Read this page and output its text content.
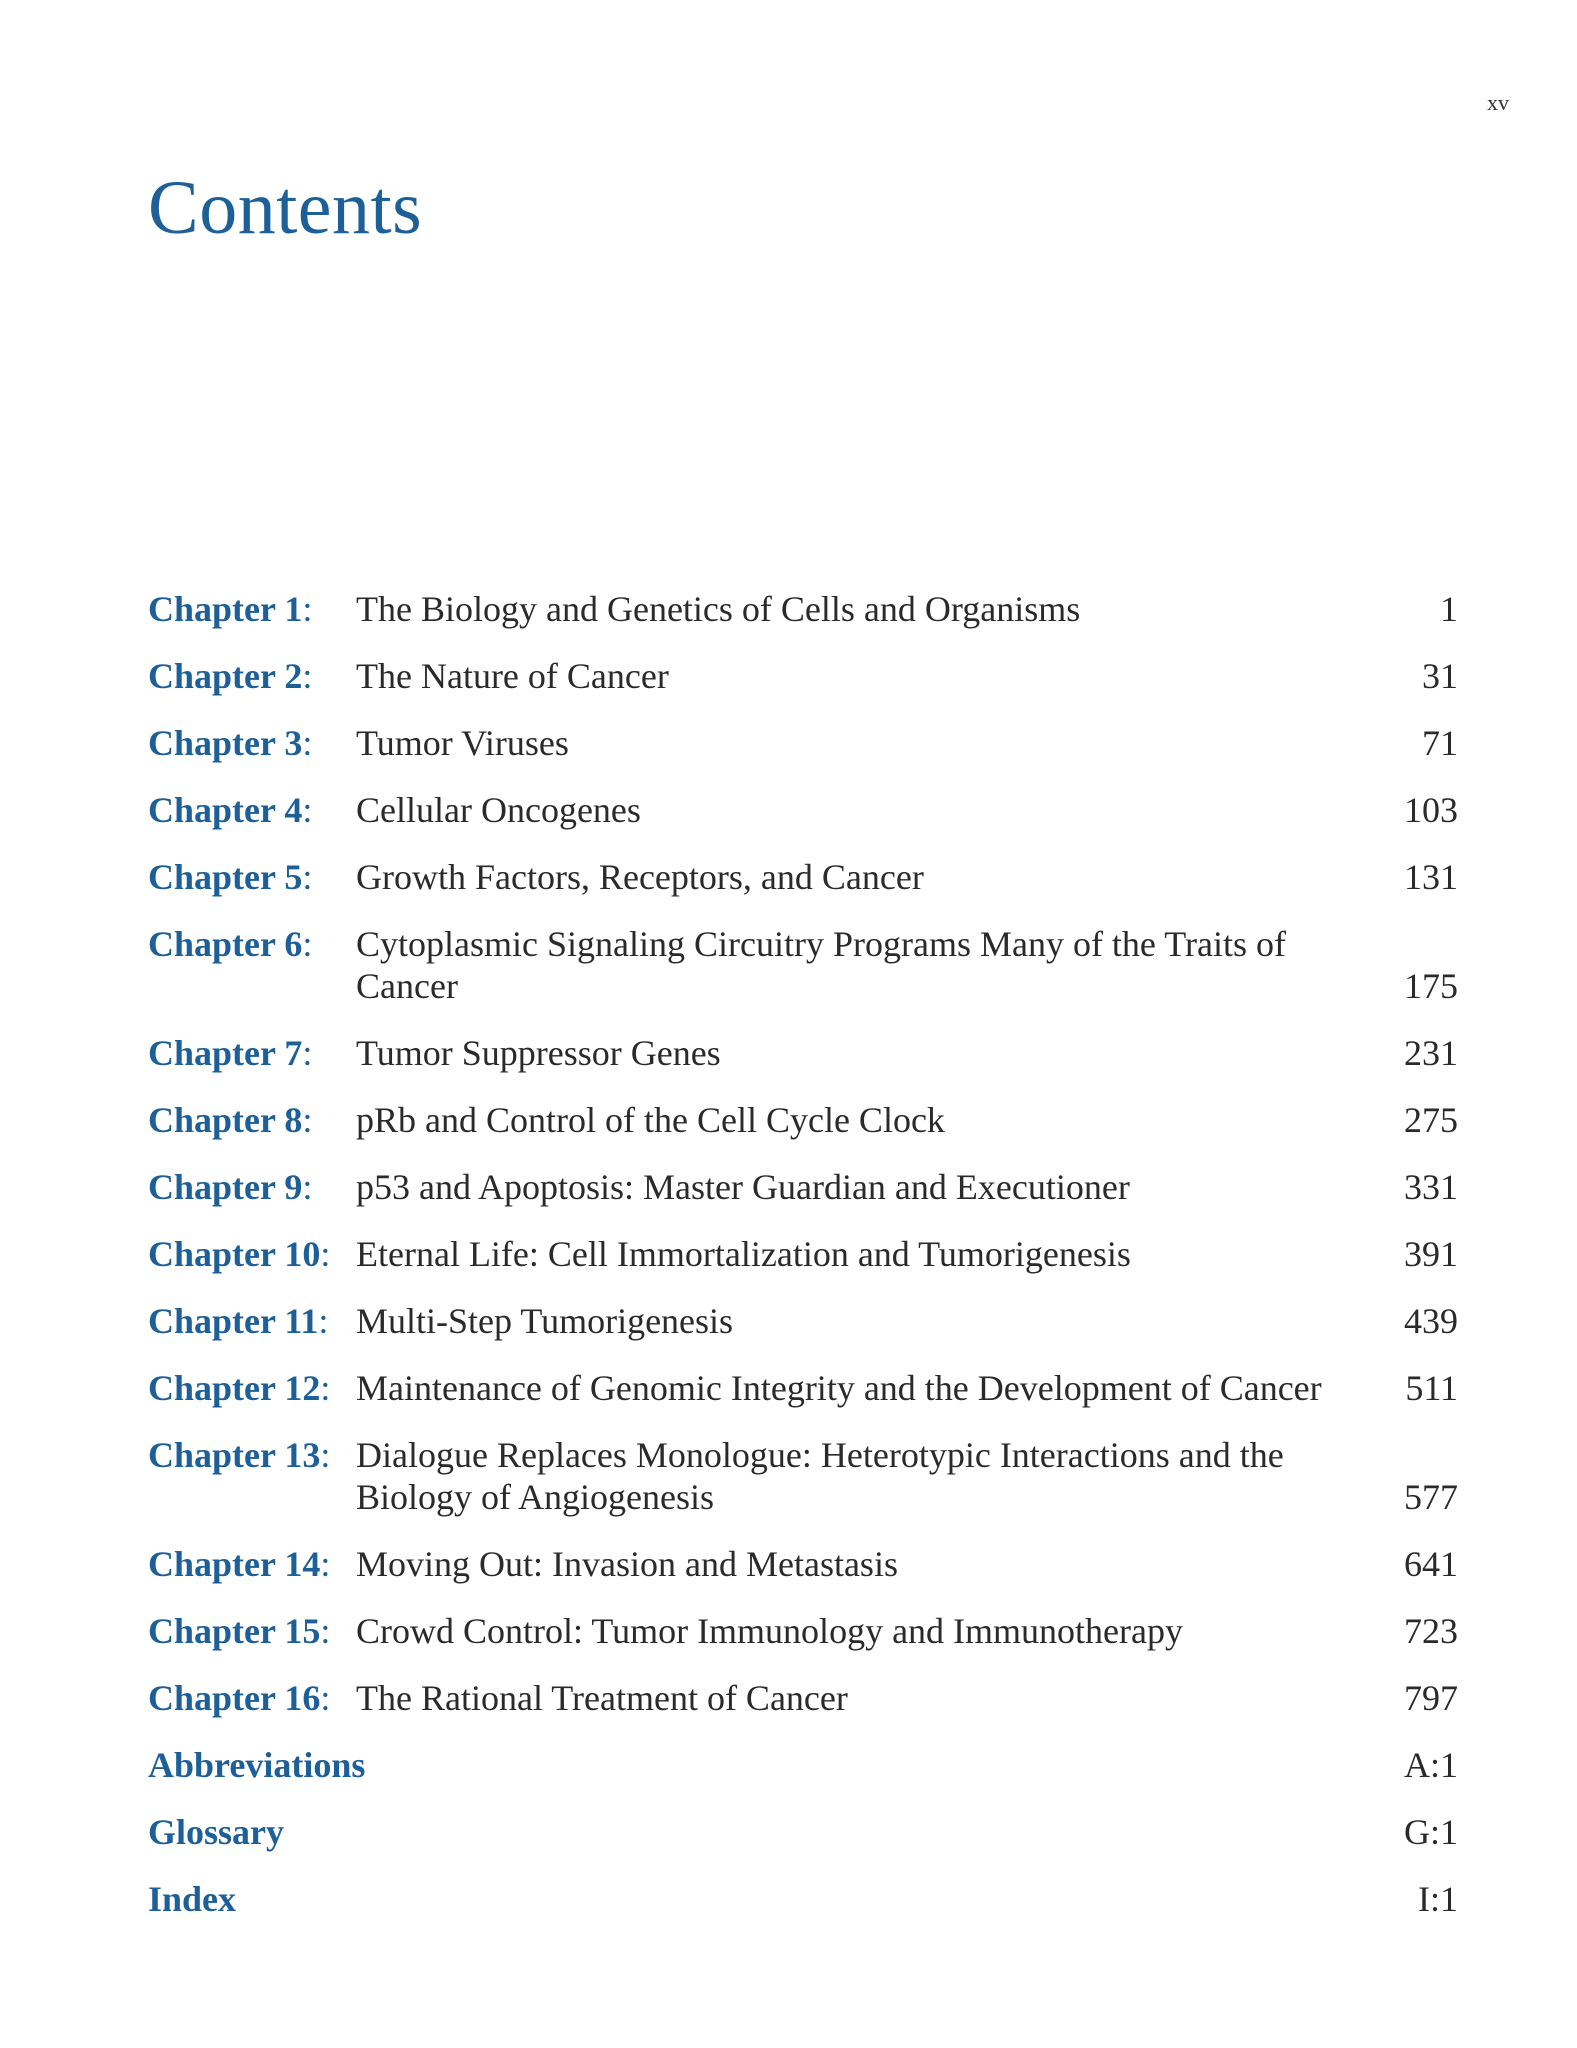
xv
Contents
Chapter 1:	The Biology and Genetics of Cells and Organisms	1
Chapter 2:	The Nature of Cancer	31
Chapter 3:	Tumor Viruses	71
Chapter 4:	Cellular Oncogenes	103
Chapter 5:	Growth Factors, Receptors, and Cancer	131
Chapter 6:	Cytoplasmic Signaling Circuitry Programs Many of the Traits of Cancer	175
Chapter 7:	Tumor Suppressor Genes	231
Chapter 8:	pRb and Control of the Cell Cycle Clock	275
Chapter 9:	p53 and Apoptosis: Master Guardian and Executioner	331
Chapter 10: Eternal Life: Cell Immortalization and Tumorigenesis	391
Chapter 11: Multi-Step Tumorigenesis	439
Chapter 12: Maintenance of Genomic Integrity and the Development of Cancer	511
Chapter 13: Dialogue Replaces Monologue: Heterotypic Interactions and the Biology of Angiogenesis	577
Chapter 14: Moving Out: Invasion and Metastasis	641
Chapter 15: Crowd Control: Tumor Immunology and Immunotherapy	723
Chapter 16: The Rational Treatment of Cancer	797
Abbreviations	A:1
Glossary	G:1
Index	I:1
